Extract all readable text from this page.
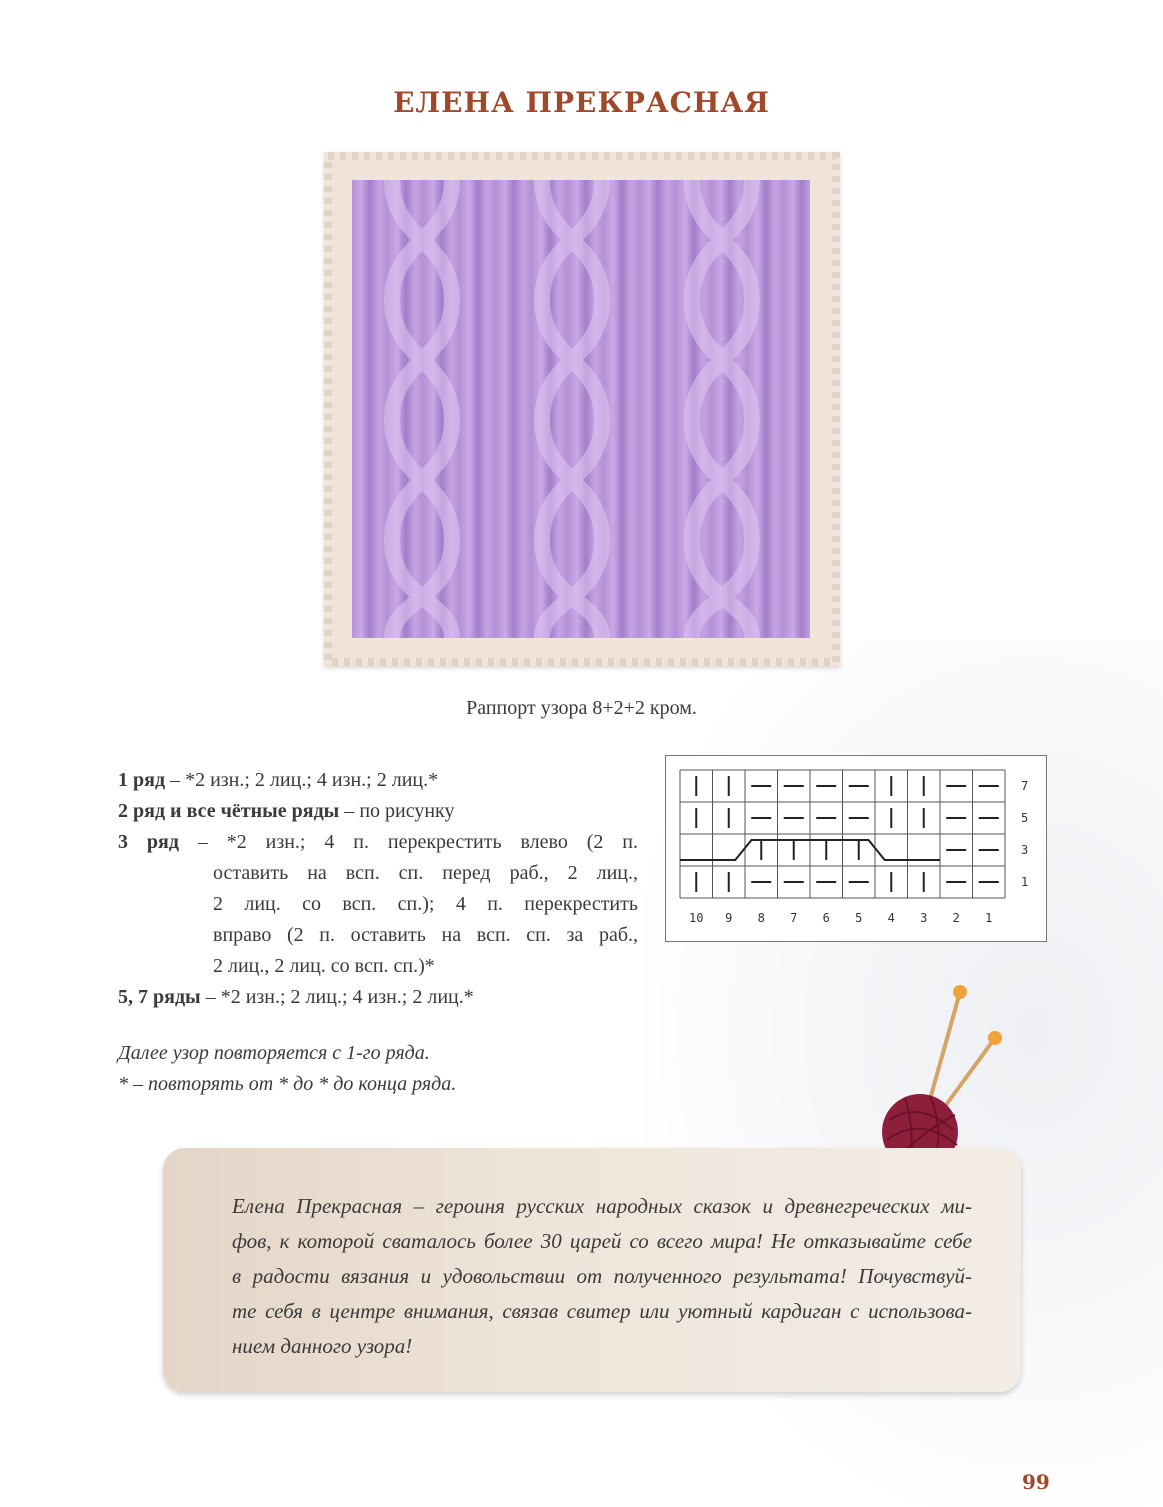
ЕЛЕНА ПРЕКРАСНАЯ
Раппорт узора 8+2+2 кром.

1 ряд – *2 изн.; 2 лиц.; 4 изн.; 2 лиц.*

2 ряд и все чётные ряды – по рисунку

3 ряд – *2 изн.; 4 п. перекрестить влево (2 п.

оставить на всп. сп. перед раб., 2 лиц.,

2 лиц. со всп. сп.); 4 п. перекрестить

вправо (2 п. оставить на всп. сп. за раб.,

2 лиц., 2 лиц. со всп. сп.)*

5, 7 ряды – *2 изн.; 2 лиц.; 4 изн.; 2 лиц.*

Далее узор повторяется с 1-го ряда.

* – повторять от * до * до конца ряда.

7
5
3
1
10 9 8 7 6 5 4 3 2 1

Елена Прекрасная – героиня русских народных сказок и древнегреческих ми-

фов, к которой сваталось более 30 царей со всего мира! Не отказывайте себе

в радости вязания и удовольствии от полученного результата! Почувствуй-

те себя в центре внимания, связав свитер или уютный кардиган с использова-

нием данного узора!

99
